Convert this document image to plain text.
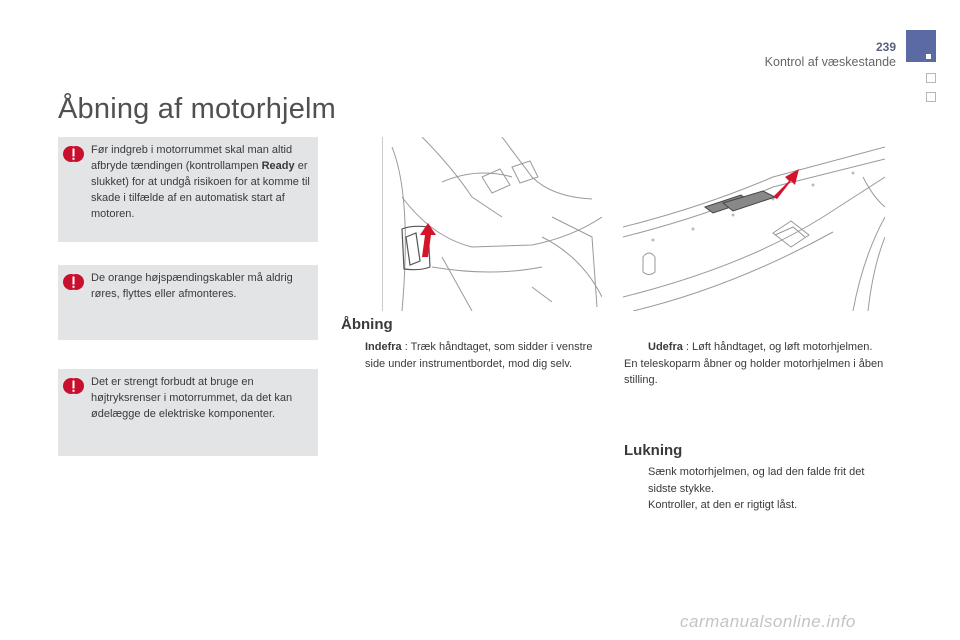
239
Kontrol af væskestande
Åbning af motorhjelm
Før indgreb i motorrummet skal man altid afbryde tændingen (kontrollampen Ready er slukket) for at undgå risikoen for at komme til skade i tilfælde af en automatisk start af motoren.
De orange højspændingskabler må aldrig røres, flyttes eller afmonteres.
Det er strengt forbudt at bruge en højtryksrenser i motorrummet, da det kan ødelægge de elektriske komponenter.
Åbning
Indefra : Træk håndtaget, som sidder i venstre side under instrumentbordet, mod dig selv.
Udefra : Løft håndtaget, og løft motorhjelmen.
En teleskoparm åbner og holder motorhjelmen i åben stilling.
Lukning
Sænk motorhjelmen, og lad den falde frit det sidste stykke.
Kontroller, at den er rigtigt låst.
carmanualsonline.info
